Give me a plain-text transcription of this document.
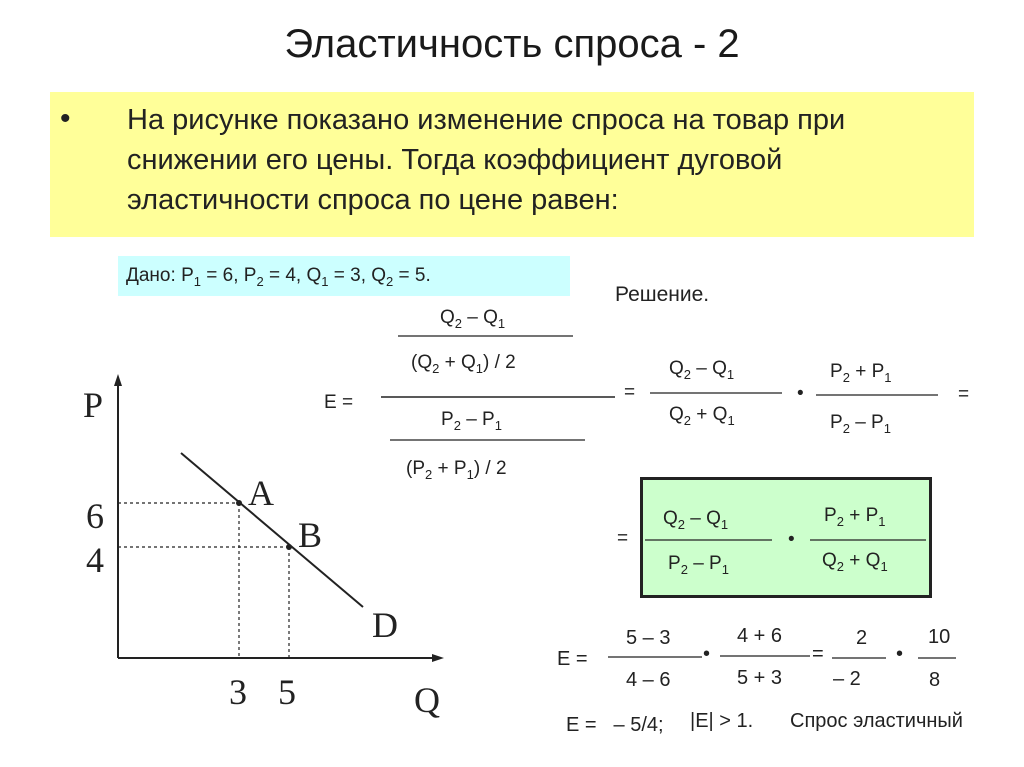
Эластичность спроса - 2
• На рисунке показано изменение спроса на товар при снижении его цены. Тогда коэффициент дуговой эластичности спроса по цене равен:
Дано: $P_1 = 6$, $P_2 = 4$, $Q_1 = 3$, $Q_2 = 5$.
Решение.
P
Q
6
4
3 5
A
B
D
E =
$Q_2 - Q_1$
$(Q_2 + Q_1) / 2$
$P_2 - P_1$
$(P_2 + P_1) / 2$
=
$Q_2 - Q_1$
$Q_2 + Q_1$
•
$P_2 + P_1$
$P_2 - P_1$
=
=
$Q_2 - Q_1$
$P_2 - P_1$
•
$P_2 + P_1$
$Q_2 + Q_1$
E =
5 – 3
4 – 6
•
4 + 6
5 + 3
=
2
– 2
•
10
8
E = – 5/4; |E| > 1. Спрос эластичный
